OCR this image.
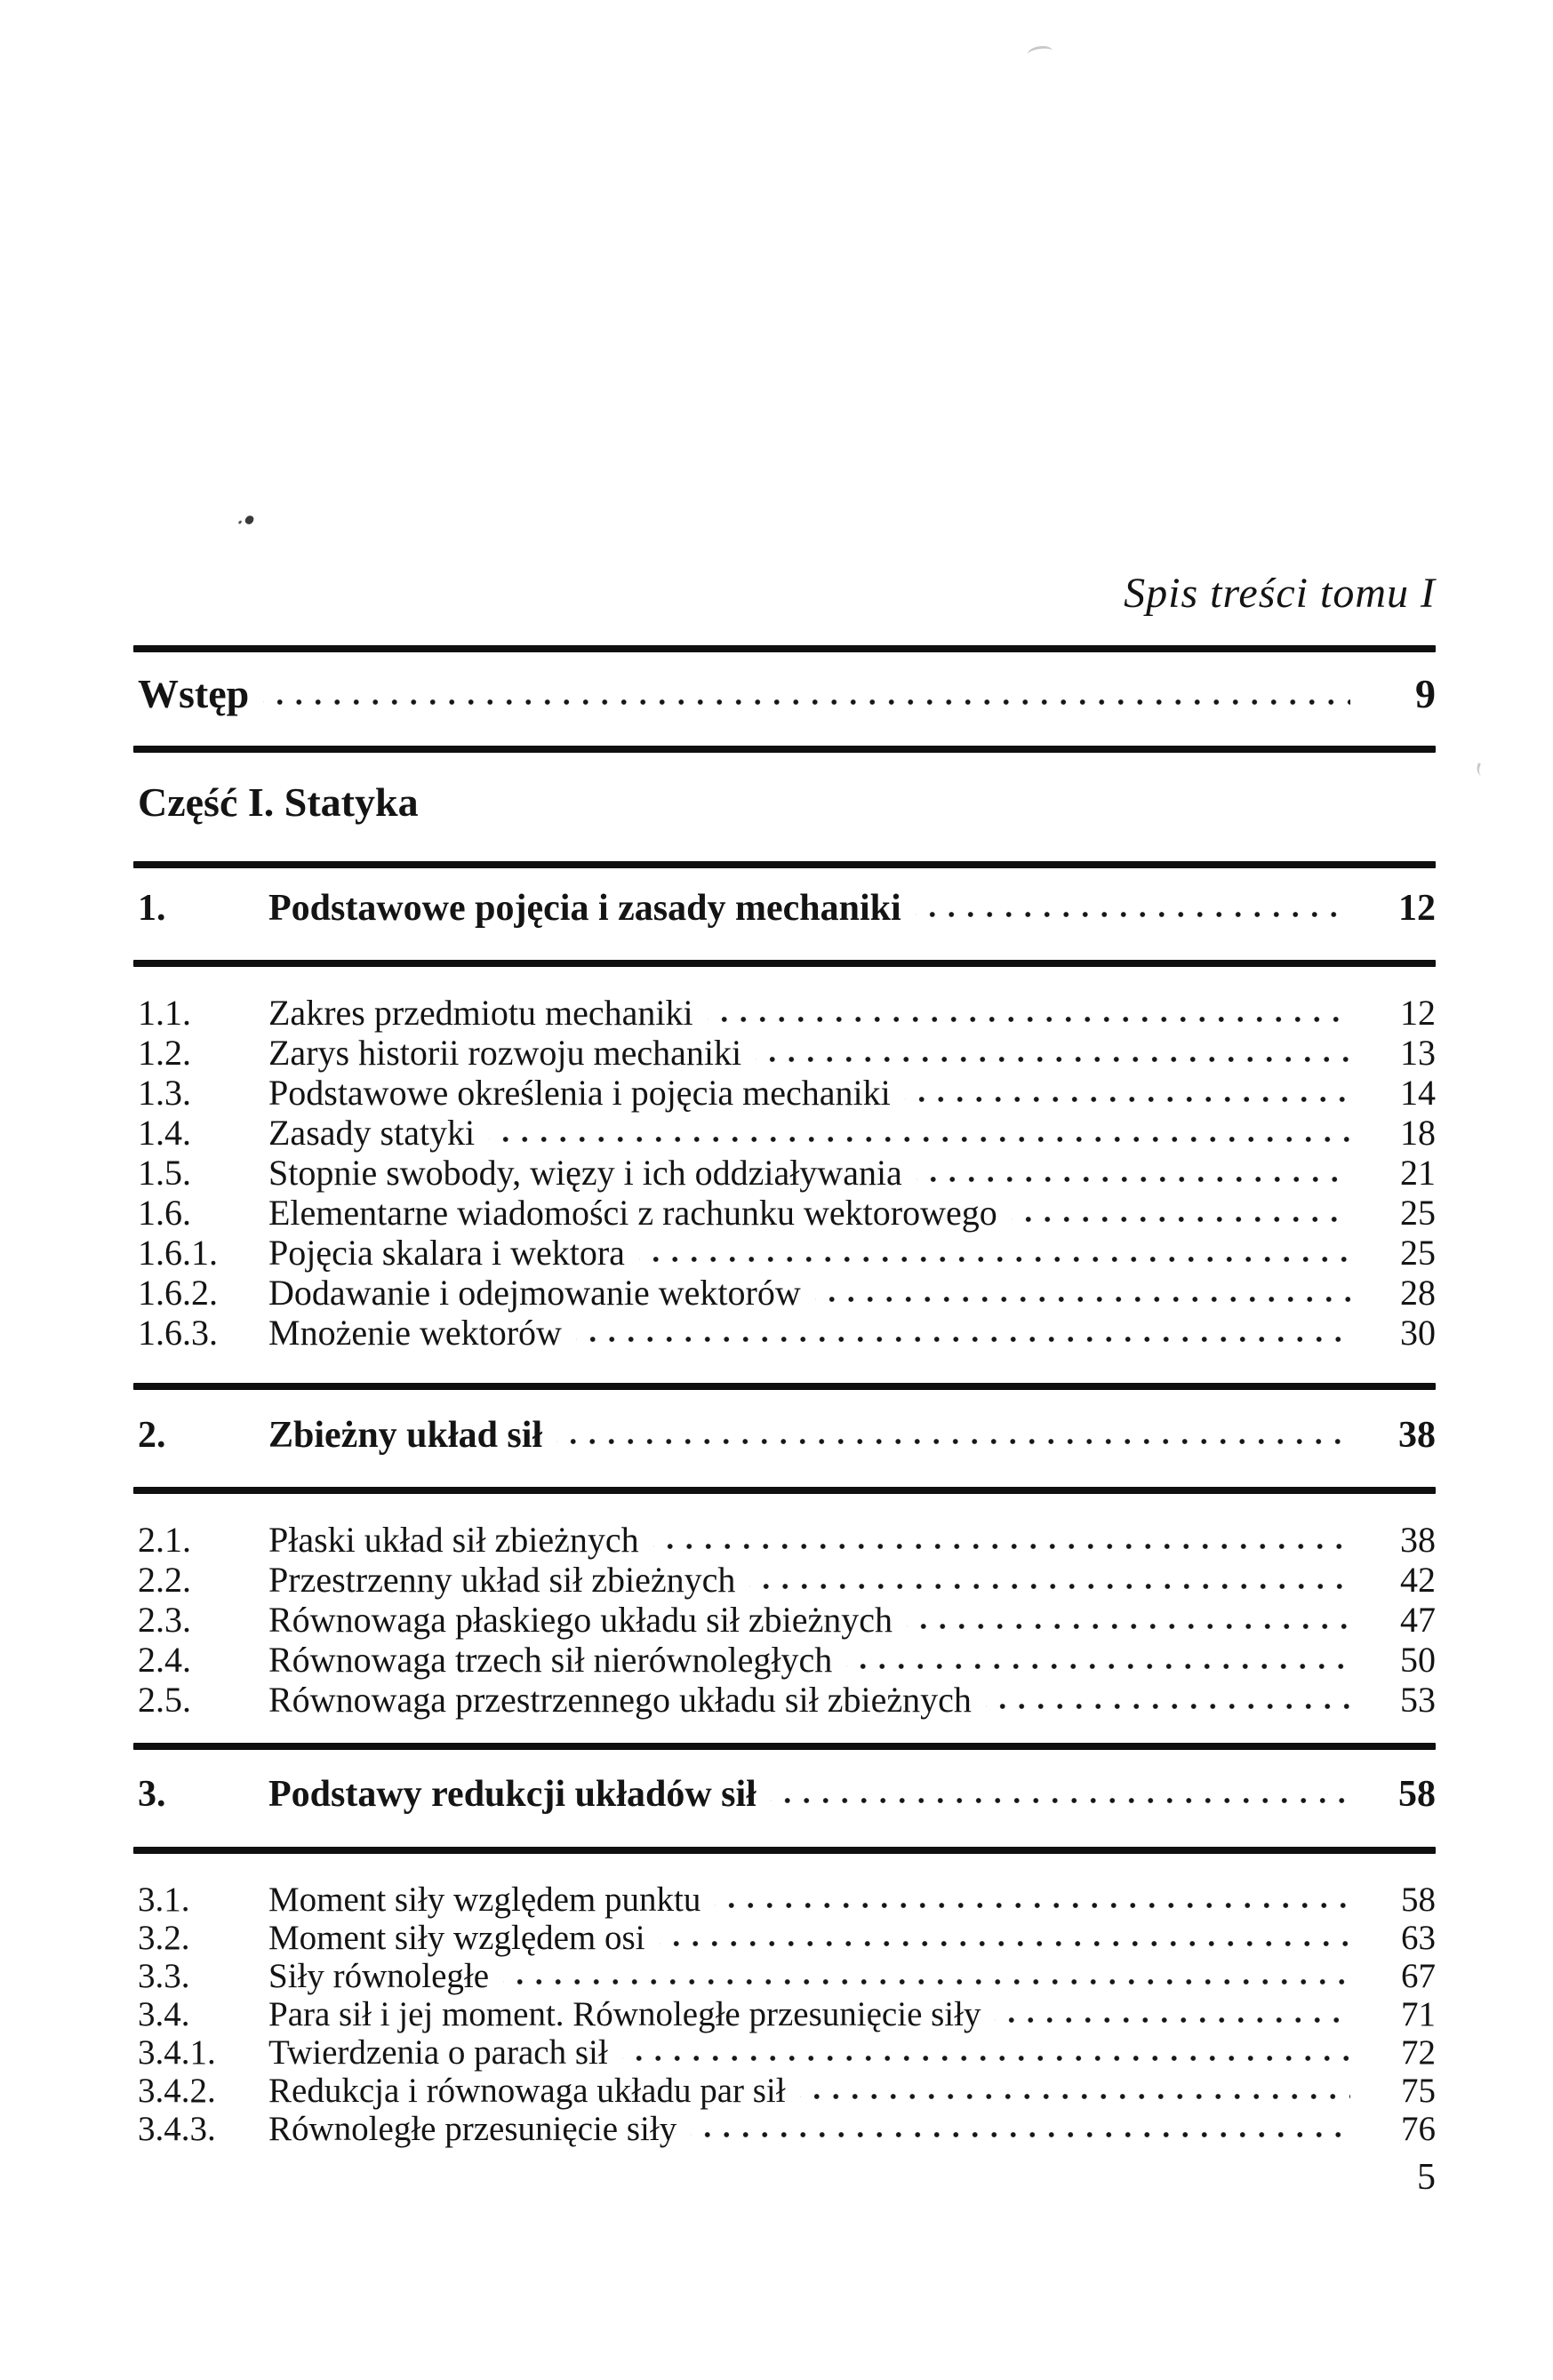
Spis treści tomu I
Wstęp	9
Część I. Statyka
1.	Podstawowe pojęcia i zasady mechaniki	12
1.1.	Zakres przedmiotu mechaniki	12
1.2.	Zarys historii rozwoju mechaniki	13
1.3.	Podstawowe określenia i pojęcia mechaniki	14
1.4.	Zasady statyki	18
1.5.	Stopnie swobody, więzy i ich oddziaływania	21
1.6.	Elementarne wiadomości z rachunku wektorowego	25
1.6.1.	Pojęcia skalara i wektora	25
1.6.2.	Dodawanie i odejmowanie wektorów	28
1.6.3.	Mnożenie wektorów	30
2.	Zbieżny układ sił	38
2.1.	Płaski układ sił zbieżnych	38
2.2.	Przestrzenny układ sił zbieżnych	42
2.3.	Równowaga płaskiego układu sił zbieżnych	47
2.4.	Równowaga trzech sił nierównoległych	50
2.5.	Równowaga przestrzennego układu sił zbieżnych	53
3.	Podstawy redukcji układów sił	58
3.1.	Moment siły względem punktu	58
3.2.	Moment siły względem osi	63
3.3.	Siły równoległe	67
3.4.	Para sił i jej moment. Równoległe przesunięcie siły	71
3.4.1.	Twierdzenia o parach sił	72
3.4.2.	Redukcja i równowaga układu par sił	75
3.4.3.	Równoległe przesunięcie siły	76
5
